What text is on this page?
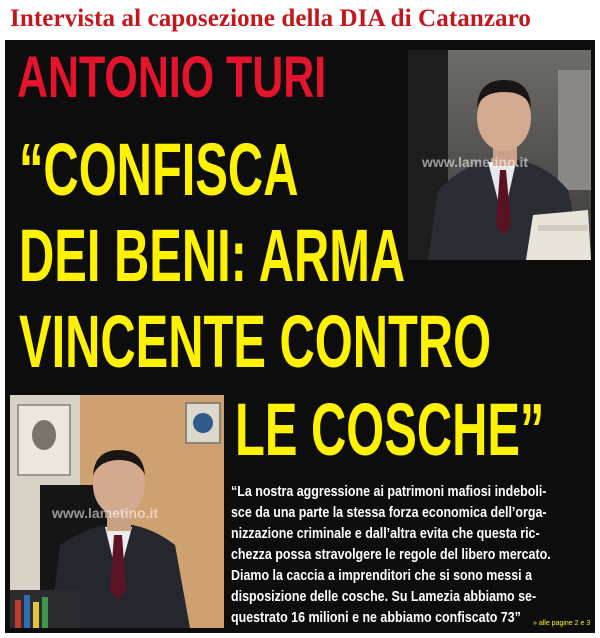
Intervista al caposezione della DIA di Catanzaro
www.lametino.it
www.lametino.it
ANTONIO TURI
“CONFISCA
DEI BENI: ARMA
VINCENTE CONTRO
LE COSCHE”
“La nostra aggressione ai patrimoni mafiosi indeboli-
sce da una parte la stessa forza economica dell’orga-
nizzazione criminale e dall’altra evita che questa ric-
chezza possa stravolgere le regole del libero mercato.
Diamo la caccia a imprenditori che si sono messi a
disposizione delle cosche. Su Lamezia abbiamo se-
questrato 16 milioni e ne abbiamo confiscato 73”	» alle pagine 2 e 3
